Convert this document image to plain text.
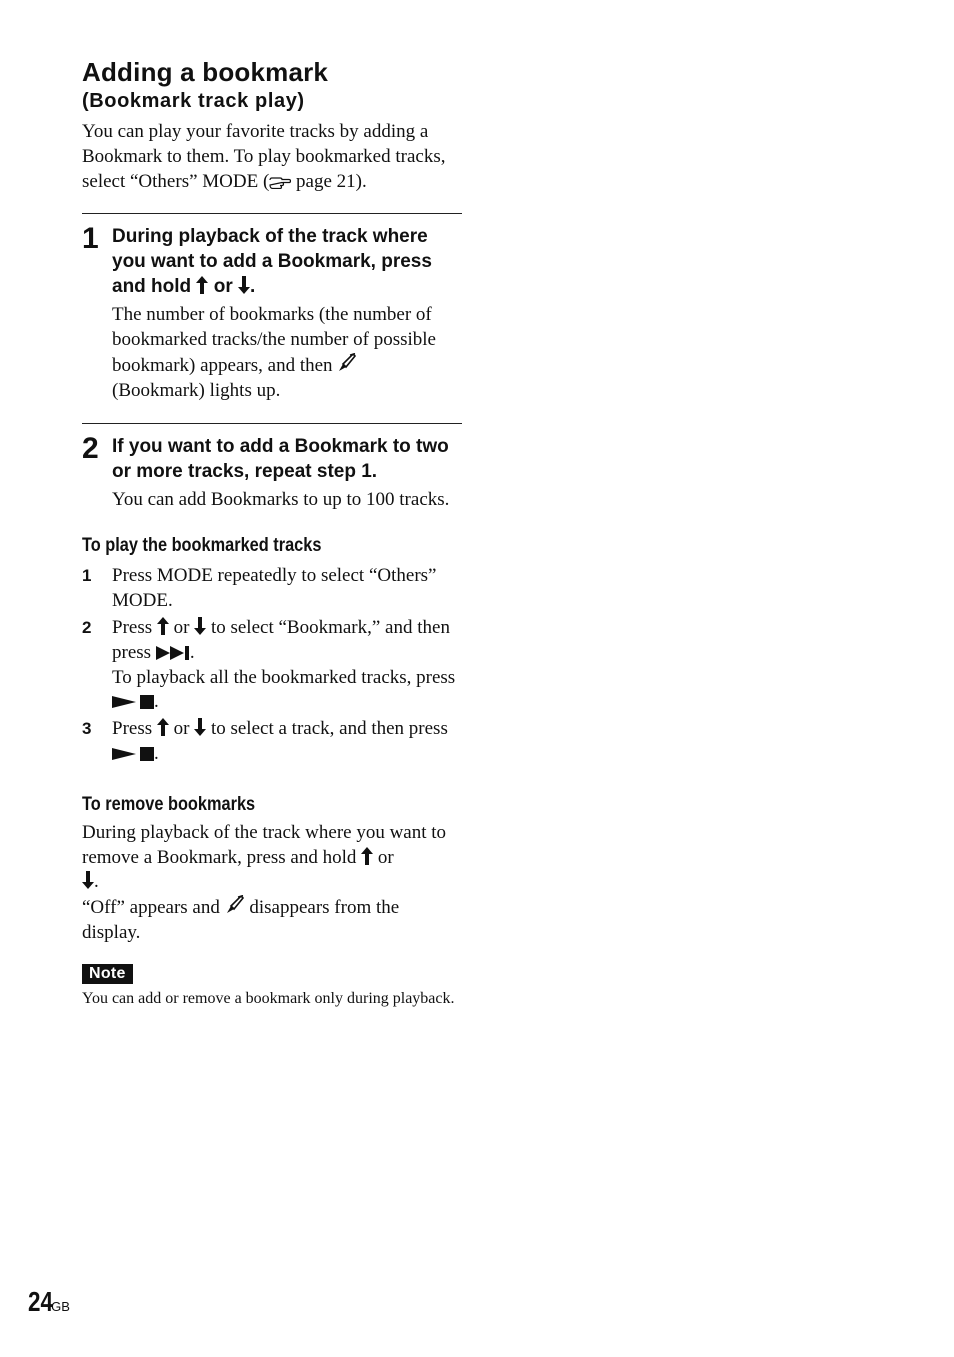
Adding a bookmark
(Bookmark track play)

You can play your favorite tracks by adding a Bookmark to them. To play bookmarked tracks, select “Others” MODE ( page 21).

1 During playback of the track where you want to add a Bookmark, press and hold or .

The number of bookmarks (the number of bookmarked tracks/the number of possible bookmark) appears, and then
(Bookmark) lights up.

2 If you want to add a Bookmark to two or more tracks, repeat step 1.

You can add Bookmarks to up to 100 tracks.

To play the bookmarked tracks
1 Press MODE repeatedly to select “Others” MODE.
2 Press or to select “Bookmark,” and then press .
To playback all the bookmarked tracks, press .
3 Press or to select a track, and then press .
To remove bookmarks

During playback of the track where you want to remove a Bookmark, press and hold or
.
“Off” appears and disappears from the display.

Note

You can add or remove a bookmark only during playback.

24GB
